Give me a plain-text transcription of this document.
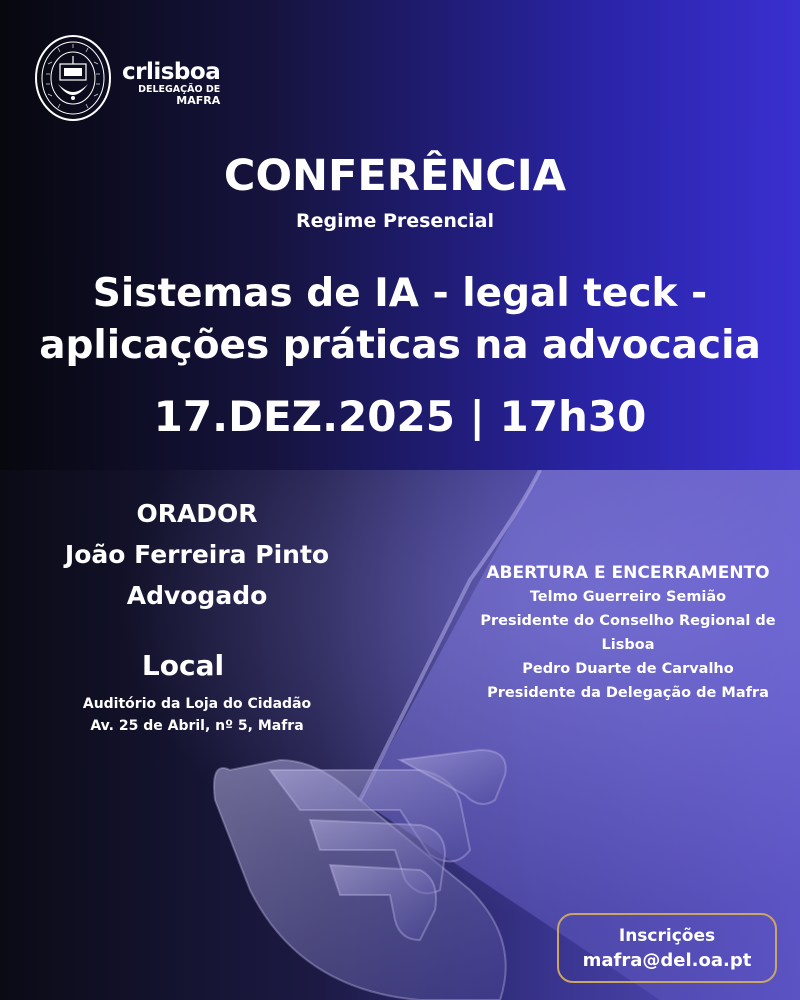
crlisboa
DELEGAÇÃO DE
MAFRA
CONFERÊNCIA
Regime Presencial
Sistemas de IA - legal teck -
aplicações práticas na advocacia
17.DEZ.2025 | 17h30
ORADOR
João Ferreira Pinto
Advogado
Local
Auditório da Loja do Cidadão
Av. 25 de Abril, nº 5, Mafra
ABERTURA E ENCERRAMENTO
Telmo Guerreiro Semião
Presidente do Conselho Regional de
Lisboa
Pedro Duarte de Carvalho
Presidente da Delegação de Mafra
Inscrições
mafra@del.oa.pt
